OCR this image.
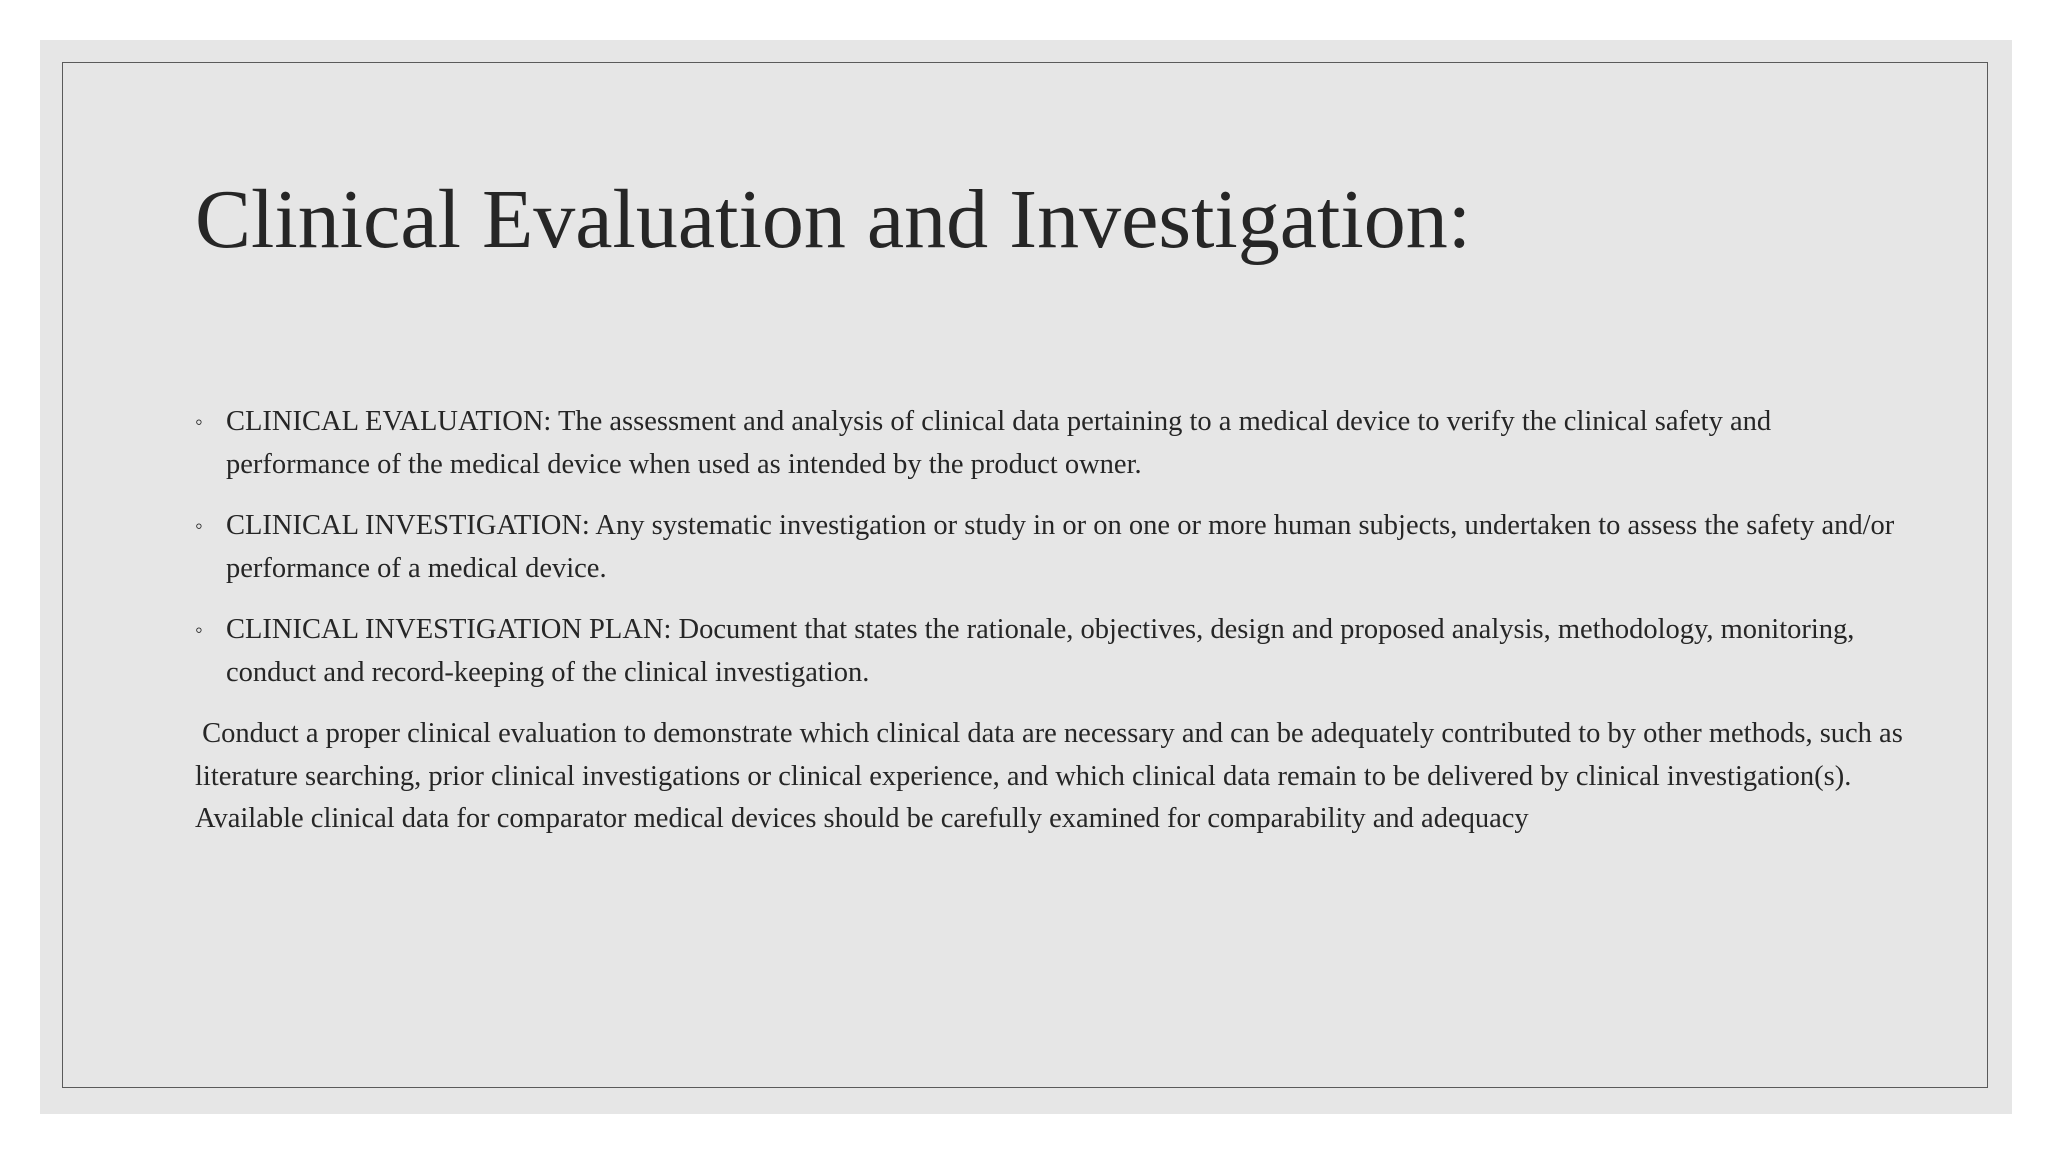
Clinical Evaluation and Investigation:
◦ CLINICAL EVALUATION: The assessment and analysis of clinical data pertaining to a medical device to verify the clinical safety and performance of the medical device when used as intended by the product owner.
◦ CLINICAL INVESTIGATION: Any systematic investigation or study in or on one or more human subjects, undertaken to assess the safety and/or performance of a medical device.
◦ CLINICAL INVESTIGATION PLAN: Document that states the rationale, objectives, design and proposed analysis, methodology, monitoring, conduct and record-keeping of the clinical investigation.

Conduct a proper clinical evaluation to demonstrate which clinical data are necessary and can be adequately contributed to by other methods, such as literature searching, prior clinical investigations or clinical experience, and which clinical data remain to be delivered by clinical investigation(s). Available clinical data for comparator medical devices should be carefully examined for comparability and adequacy
